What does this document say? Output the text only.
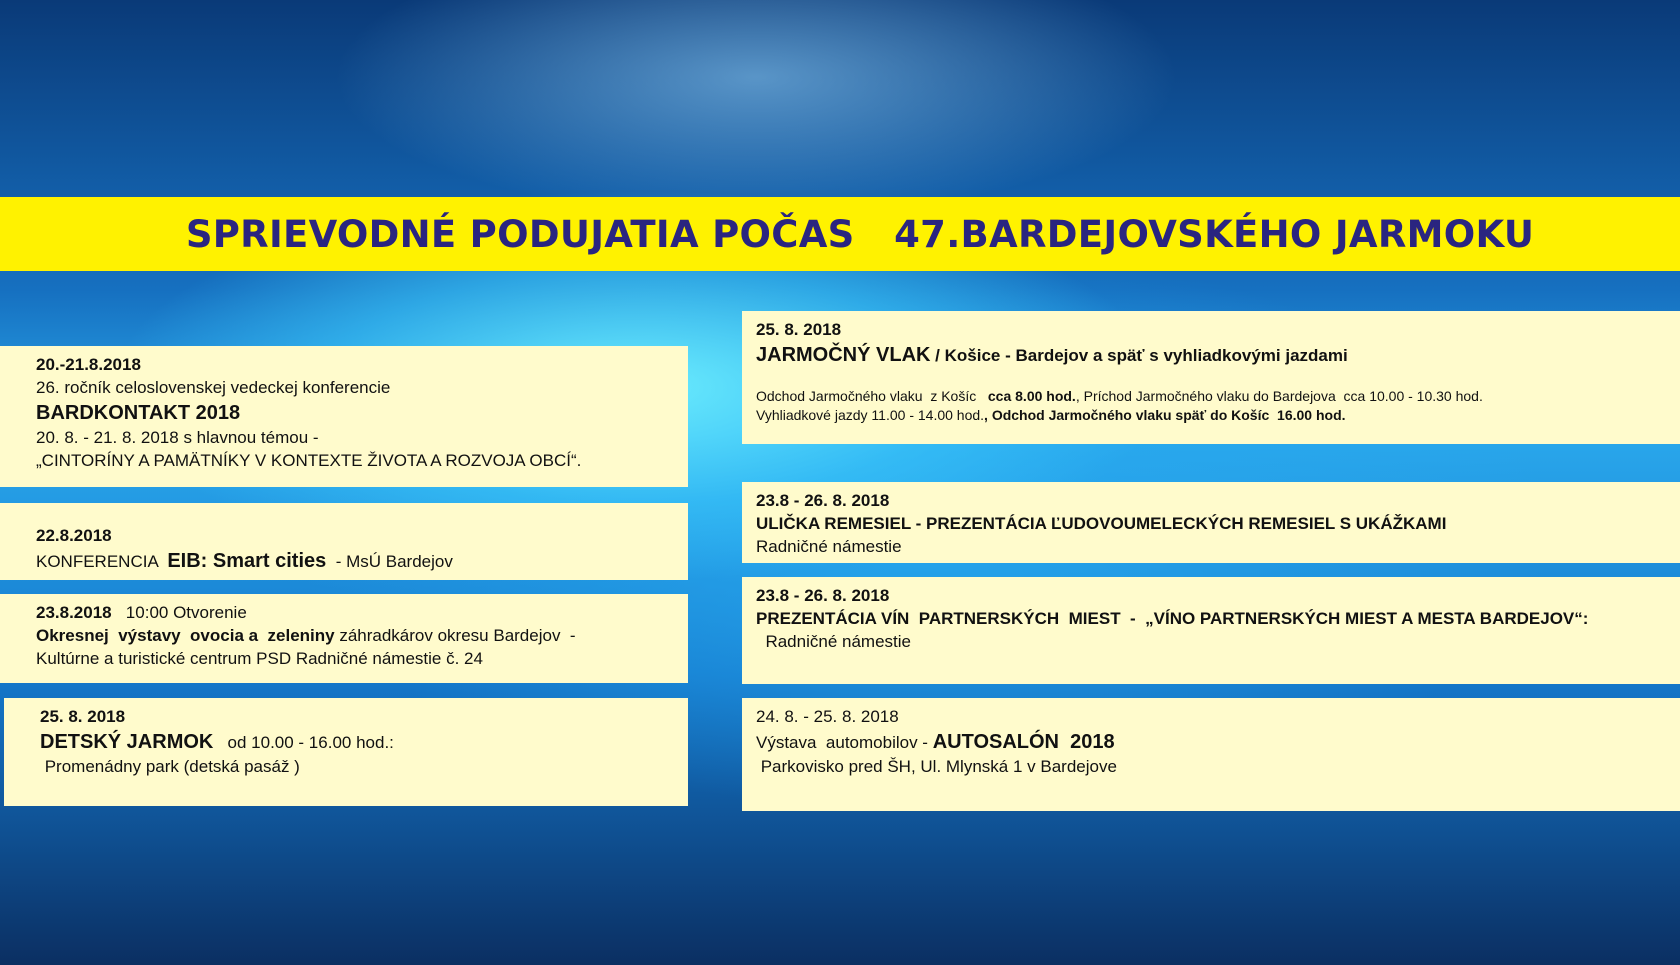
SPRIEVODNÉ PODUJATIA POČAS   47.BARDEJOVSKÉHO JARMOKU
20.-21.8.2018
26. ročník celoslovenskej vedeckej konferencie
BARDKONTAKT 2018
20. 8. - 21. 8. 2018 s hlavnou témou -
„CINTORÍNY A PAMÄTNÍKY V KONTEXTE ŽIVOTA A ROZVOJA OBCÍ“.
22.8.2018
KONFERENCIA  EIB: Smart cities  - MsÚ Bardejov
23.8.2018   10:00 Otvorenie
Okresnej  výstavy  ovocia a  zeleniny záhradkárov okresu Bardejov  -
Kultúrne a turistické centrum PSD Radničné námestie č. 24
25. 8. 2018
DETSKÝ JARMOK   od 10.00 - 16.00 hod.:
Promenádny park (detská pasáž )
25. 8. 2018
JARMOČNÝ VLAK / Košice - Bardejov a späť s vyhliadkovými jazdami
Odchod Jarmočného vlaku  z Košíc   cca 8.00 hod., Príchod Jarmočného vlaku do Bardejova  cca 10.00 - 10.30 hod.
Vyhliadkové jazdy 11.00 - 14.00 hod., Odchod Jarmočného vlaku späť do Košíc  16.00 hod.
23.8 - 26. 8. 2018
ULIČKA REMESIEL - PREZENTÁCIA ĽUDOVOUMELECKÝCH REMESIEL S UKÁŽKAMI
Radničné námestie
23.8 - 26. 8. 2018
PREZENTÁCIA VÍN  PARTNERSKÝCH  MIEST  -  „VÍNO PARTNERSKÝCH MIEST A MESTA BARDEJOV“:
Radničné námestie
24. 8. - 25. 8. 2018
Výstava  automobilov - AUTOSALÓN  2018
Parkovisko pred ŠH, Ul. Mlynská 1 v Bardejove
